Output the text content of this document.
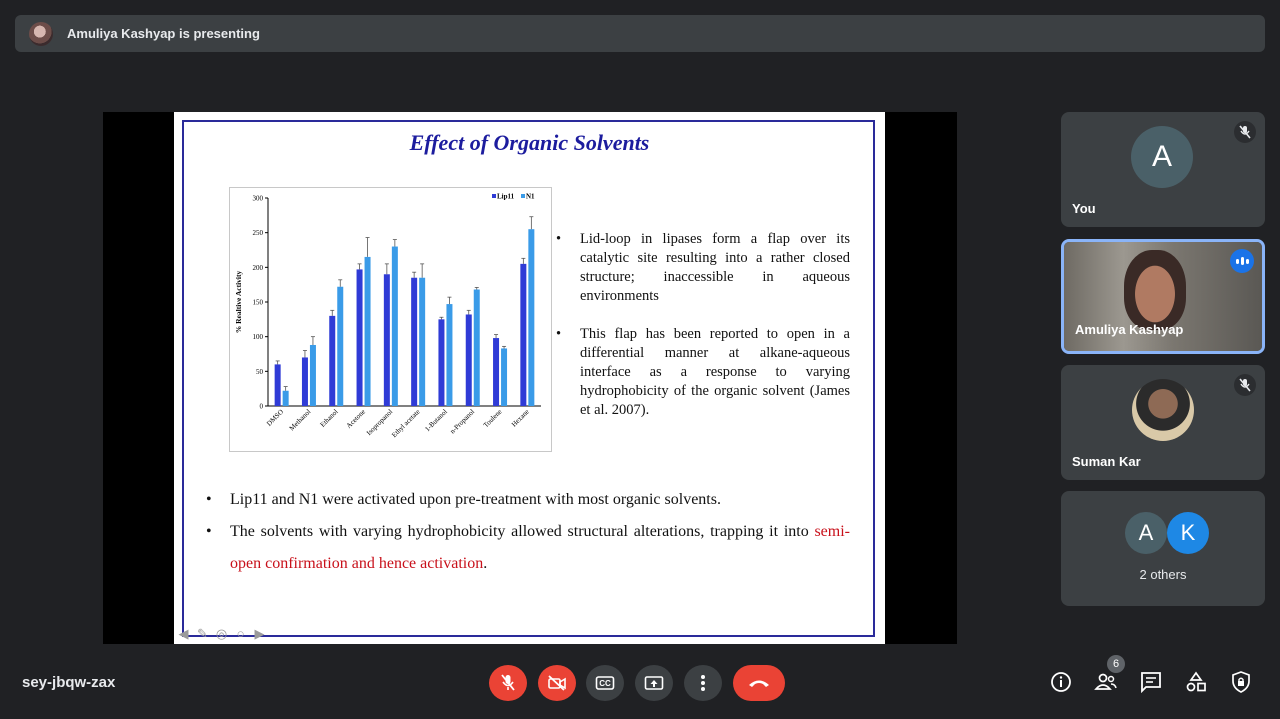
Amuliya Kashyap is presenting
Effect of Organic Solvents
0
50
100
150
200
250
300
% Realtive Activity
DMSO Methanol Ethanol Acetone
Isopropanol
Ethyl acetate 1-Butanol n-Propanol Toulene Hexane
Lip11 N1
• Lid-loop in lipases form a flap over its catalytic site resulting into a rather closed structure; inaccessible in aqueous environments
• This flap has been reported to open in a differential manner at alkane-aqueous interface as a response to varying hydrophobicity of the organic solvent (James et al. 2007).
• Lip11 and N1 were activated upon pre-treatment with most organic solvents.
• The solvents with varying hydrophobicity allowed structural alterations, trapping it into semi-open confirmation and hence activation.
◀ ✎ ◎ ○ ▶
A
You
Amuliya Kashyap
Suman Kar
A	K
2 others
sey-jbqw-zax	CC
6
